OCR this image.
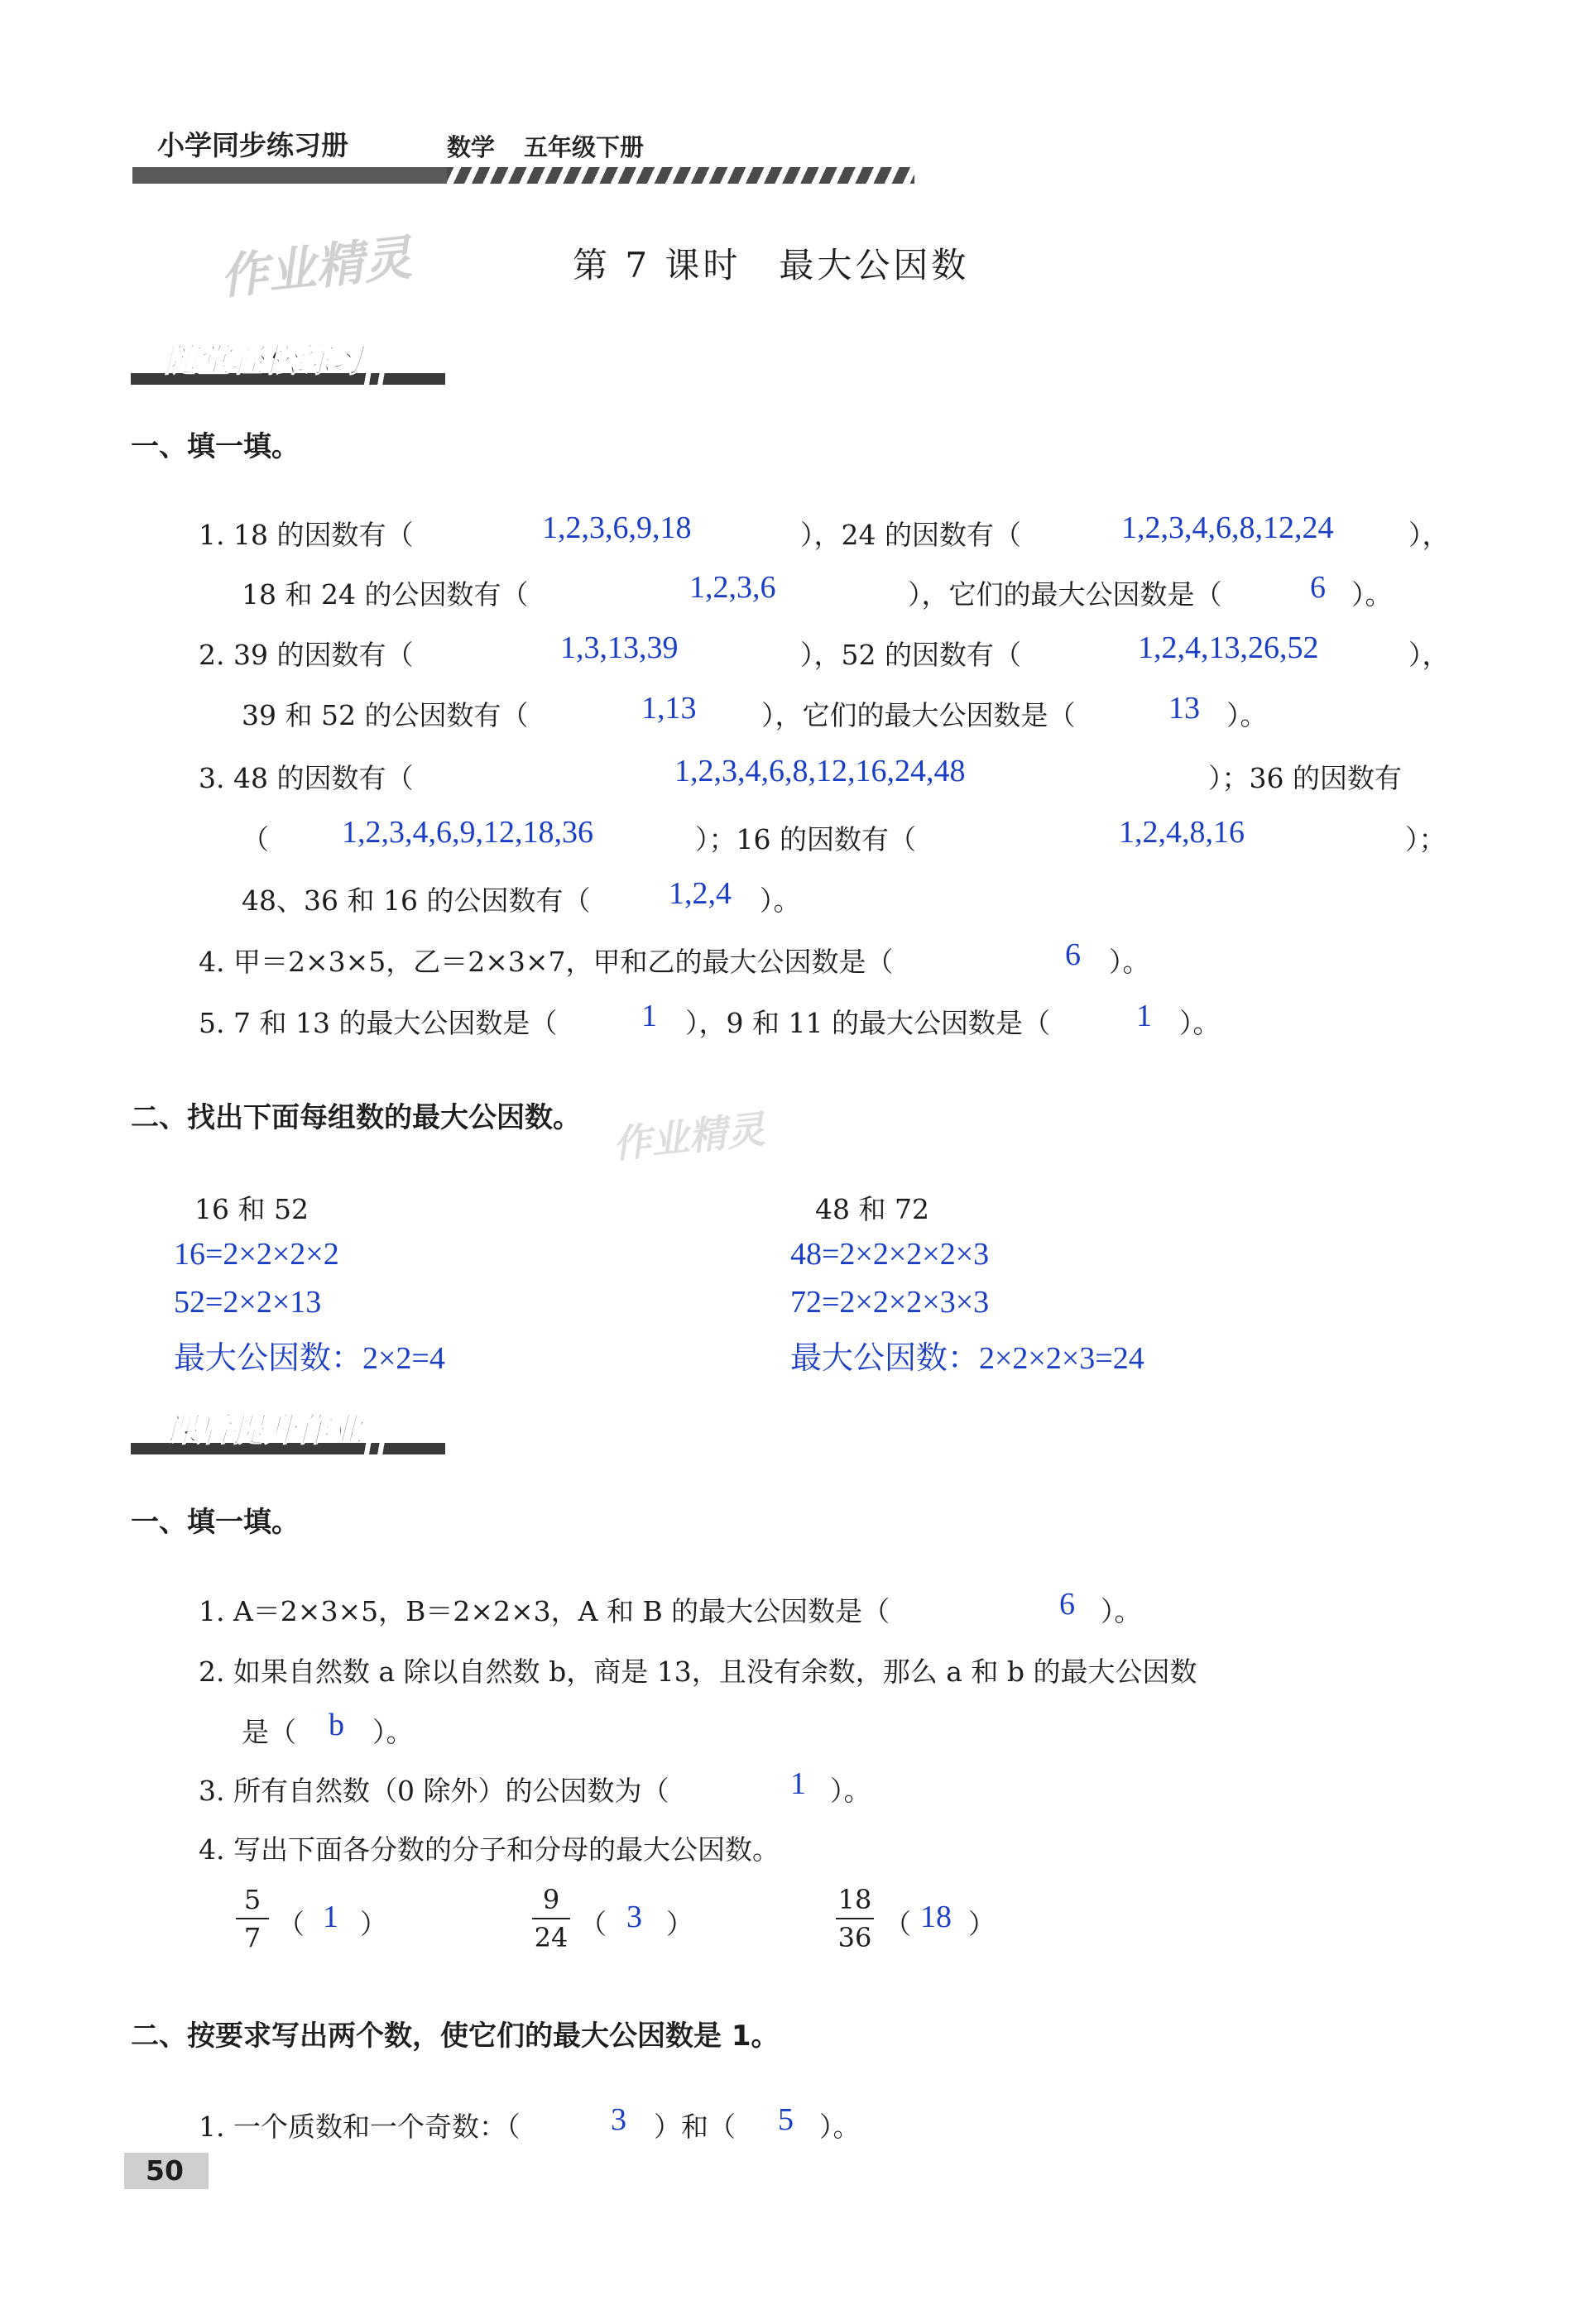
小学同步练习册	数学 五年级下册
作业精灵	第 7 课时　最大公因数
随堂轻松练习
一、填一填。
1. 18 的因数有（	1,2,3,6,9,18	），24 的因数有（	1,2,3,4,6,8,12,24	），
18 和 24 的公因数有（	1,2,3,6	），它们的最大公因数是（	6 ）。
2. 39 的因数有（	1,3,13,39	），52 的因数有（	1,2,4,13,26,52	），
39 和 52 的公因数有（	1,13 ），它们的最大公因数是（	13 ）。
3. 48 的因数有（	1,2,3,4,6,8,12,16,24,48	）；36 的因数有
（ 1,2,3,4,6,9,12,18,36	）；16 的因数有（	1,2,4,8,16	）；
48、36 和 16 的公因数有（ 1,2,4 ）。
4. 甲＝2×3×5，乙＝2×3×7，甲和乙的最大公因数是（	6 ）。
5. 7 和 13 的最大公因数是（	1 ），9 和 11 的最大公因数是（	1 ）。
二、找出下面每组数的最大公因数。 作业精灵
16 和 52
16=2×2×2×2
52=2×2×13
最大公因数：2×2=4
48 和 72
48=2×2×2×2×3
72=2×2×2×3×3
最大公因数：2×2×2×3=24
课后提升作业
一、填一填。
1. A＝2×3×5，B＝2×2×3，A 和 B 的最大公因数是（	6 ）。
2. 如果自然数 a 除以自然数 b，商是 13，且没有余数，那么 a 和 b 的最大公因数
是（ b ）。
3. 所有自然数（0 除外）的公因数为（	1 ）。
4. 写出下面各分数的分子和分母的最大公因数。
5
7 （ 1 ）
9
24 （ 3 ）
18
36 （ 18 ）
二、按要求写出两个数，使它们的最大公因数是 1。
1. 一个质数和一个奇数：（	3 ）和（ 5 ）。
50
